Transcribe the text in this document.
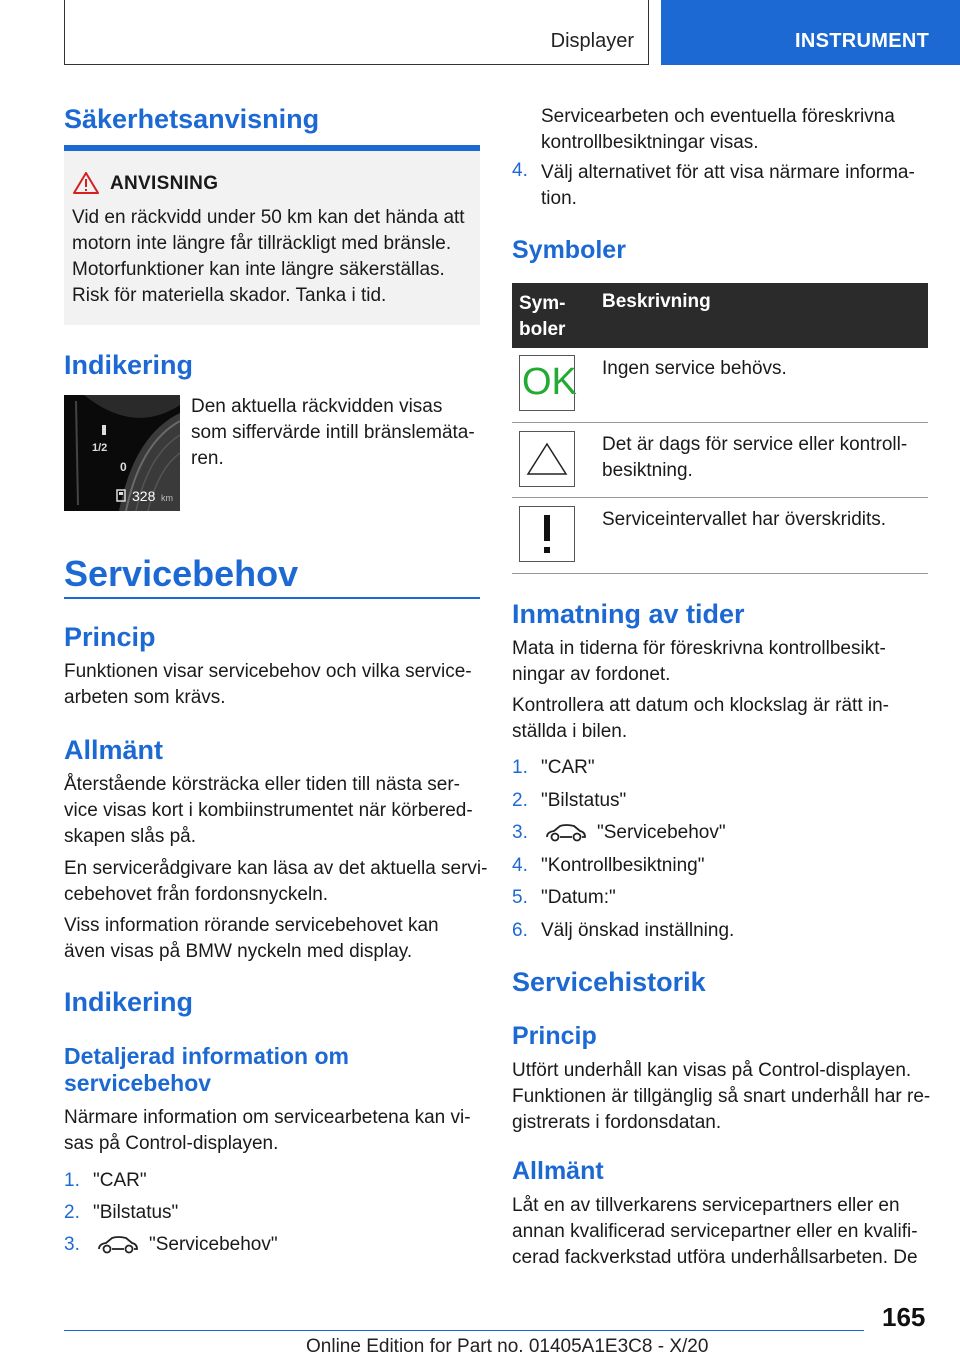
Displayer	INSTRUMENT
Säkerhetsanvisning
ANVISNING
Vid en räckvidd under 50 km kan det hända att
motorn inte längre får tillräckligt med bränsle.
Motorfunktioner kan inte längre säkerställas.
Risk för materiella skador. Tanka i tid.
Indikering
1/2
0
328 km
Den aktuella räckvidden visas
som siffervärde intill bränslemäta-
ren.
Servicebehov
Princip
Funktionen visar servicebehov och vilka service-
arbeten som krävs.
Allmänt
Återstående körsträcka eller tiden till nästa ser-
vice visas kort i kombiinstrumentet när körbered-
skapen slås på.
En servicerådgivare kan läsa av det aktuella servi-
cebehovet från fordonsnyckeln.
Viss information rörande servicebehovet kan
även visas på BMW nyckeln med display.
Indikering
Detaljerad information om
servicebehov
Närmare information om servicearbetena kan vi-
sas på Control-displayen.
1. "CAR"
2. "Bilstatus"
3.	"Servicebehov"
Servicearbeten och eventuella föreskrivna
kontrollbesiktningar visas.
4. Välj alternativet för att visa närmare informa-
tion.
Symboler
Sym-
boler
Beskrivning
OK Ingen service behövs.
Det är dags för service eller kontroll-
besiktning.
Serviceintervallet har överskridits.
Inmatning av tider
Mata in tiderna för föreskrivna kontrollbesikt-
ningar av fordonet.
Kontrollera att datum och klockslag är rätt in-
ställda i bilen.
1. "CAR"
2. "Bilstatus"
3.	"Servicebehov"
4. "Kontrollbesiktning"
5. "Datum:"
6. Välj önskad inställning.
Servicehistorik
Princip
Utfört underhåll kan visas på Control-displayen.
Funktionen är tillgänglig så snart underhåll har re-
gistrerats i fordonsdatan.
Allmänt
Låt en av tillverkarens servicepartners eller en
annan kvalificerad servicepartner eller en kvalifi-
cerad fackverkstad utföra underhållsarbeten. De
165
Online Edition for Part no. 01405A1E3C8 - X/20
